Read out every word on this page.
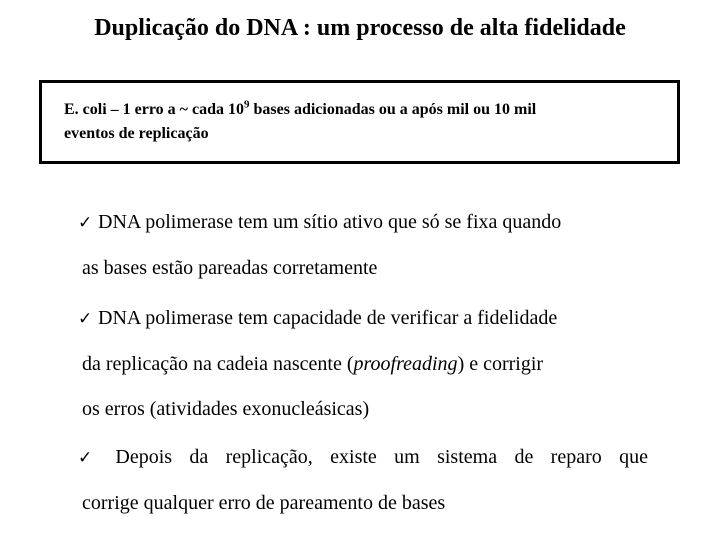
Duplicação do DNA : um processo de alta fidelidade
E. coli – 1 erro a ~ cada $10^9$ bases adicionadas ou a após mil ou 10 mil
eventos de replicação
✓ DNA polimerase tem um sítio ativo que só se fixa quando
as bases estão pareadas corretamente
✓ DNA polimerase tem capacidade de verificar a fidelidade
da replicação na cadeia nascente (proofreading) e corrigir
os erros (atividades exonucleásicas)
✓ Depois da replicação, existe um sistema de reparo que
corrige qualquer erro de pareamento de bases
